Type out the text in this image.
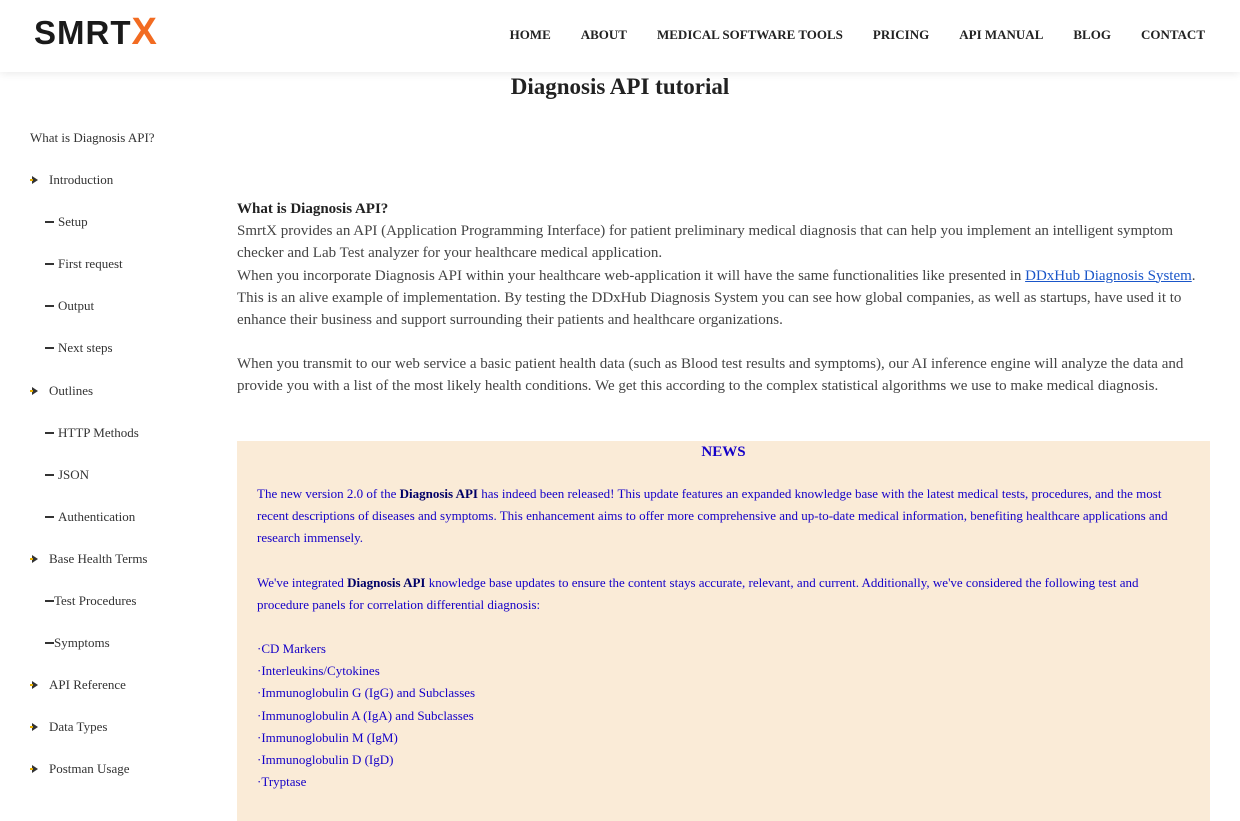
SMRTX	HOME ABOUT MEDICAL SOFTWARE TOOLS PRICING API MANUAL BLOG CONTACT
Diagnosis API tutorial
What is Diagnosis API?
Introduction
Setup
First request
Output
Next steps
Outlines
HTTP Methods
JSON
Authentication
Base Health Terms
Test Procedures
Symptoms
API Reference
Data Types
Postman Usage

What is Diagnosis API?

SmrtX provides an API (Application Programming Interface) for patient preliminary medical diagnosis that can help you implement an intelligent symptom checker and Lab Test analyzer for your healthcare medical application.

When you incorporate Diagnosis API within your healthcare web-application it will have the same functionalities like presented in DDxHub Diagnosis System. This is an alive example of implementation. By testing the DDxHub Diagnosis System you can see how global companies, as well as startups, have used it to enhance their business and support surrounding their patients and healthcare organizations.

When you transmit to our web service a basic patient health data (such as Blood test results and symptoms), our AI inference engine will analyze the data and provide you with a list of the most likely health conditions. We get this according to the complex statistical algorithms we use to make medical diagnosis.

NEWS

The new version 2.0 of the Diagnosis API has indeed been released! This update features an expanded knowledge base with the latest medical tests, procedures, and the most recent descriptions of diseases and symptoms. This enhancement aims to offer more comprehensive and up-to-date medical information, benefiting healthcare applications and research immensely.

We've integrated Diagnosis API knowledge base updates to ensure the content stays accurate, relevant, and current. Additionally, we've considered the following test and procedure panels for correlation differential diagnosis:

·CD Markers

·Interleukins/Cytokines

·Immunoglobulin G (IgG) and Subclasses

·Immunoglobulin A (IgA) and Subclasses

·Immunoglobulin M (IgM)

·Immunoglobulin D (IgD)

·Tryptase
